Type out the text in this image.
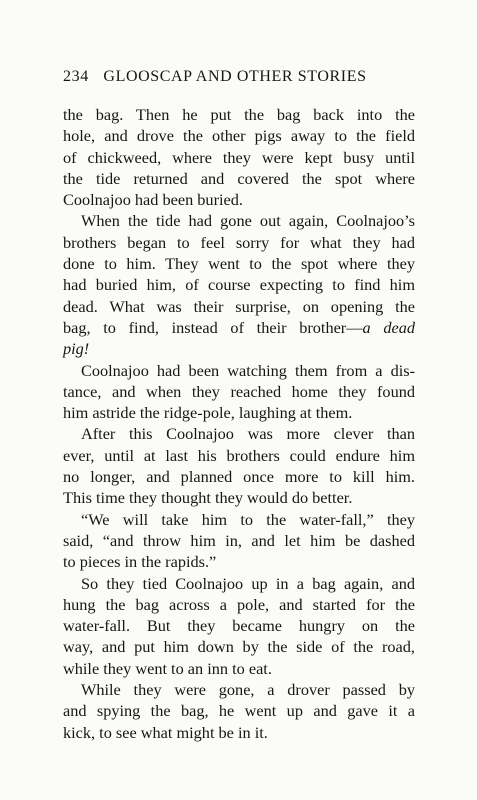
234 GLOOSCAP AND OTHER STORIES

the bag. Then he put the bag back into the
hole, and drove the other pigs away to the field
of chickweed, where they were kept busy until
the tide returned and covered the spot where
Coolnajoo had been buried.

When the tide had gone out again, Coolnajoo’s
brothers began to feel sorry for what they had
done to him. They went to the spot where they
had buried him, of course expecting to find him
dead. What was their surprise, on opening the
bag, to find, instead of their brother—a dead
pig!

Coolnajoo had been watching them from a dis-
tance, and when they reached home they found
him astride the ridge-pole, laughing at them.

After this Coolnajoo was more clever than
ever, until at last his brothers could endure him
no longer, and planned once more to kill him.
This time they thought they would do better.

“We will take him to the water-fall,” they
said, “and throw him in, and let him be dashed
to pieces in the rapids.”

So they tied Coolnajoo up in a bag again, and
hung the bag across a pole, and started for the
water-fall. But they became hungry on the
way, and put him down by the side of the road,
while they went to an inn to eat.

While they were gone, a drover passed by
and spying the bag, he went up and gave it a
kick, to see what might be in it.
